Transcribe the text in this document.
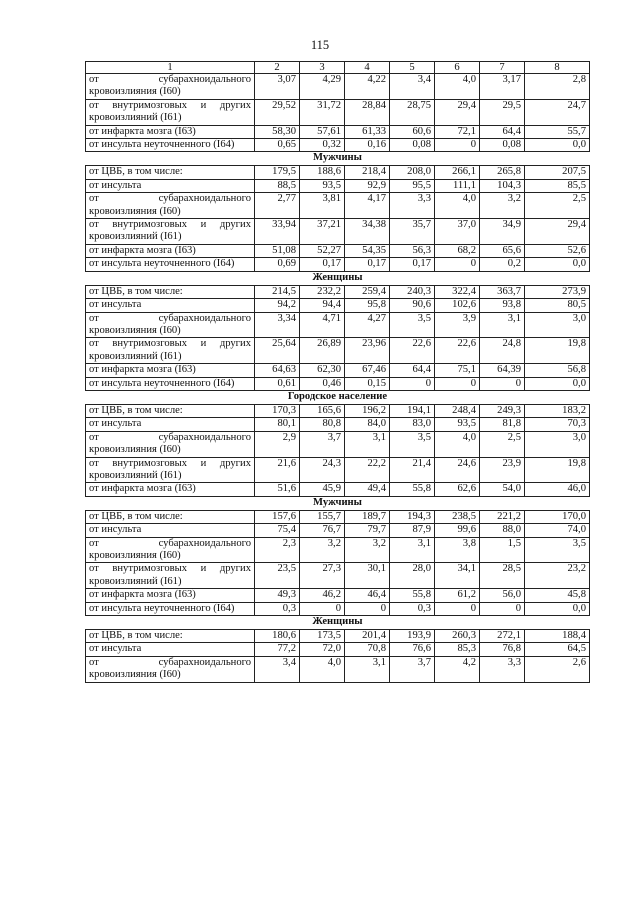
115
1	2	3	4	5	6	7	8
от субарахноидального кровоизлияния (I60)	3,07	4,29	4,22	3,4	4,0	3,17	2,8
от внутримозговых и других кровоизлияний (I61)	29,52	31,72	28,84	28,75	29,4	29,5	24,7
от инфаркта мозга (I63)	58,30	57,61	61,33	60,6	72,1	64,4	55,7
от инсульта неуточненного (I64)	0,65	0,32	0,16	0,08	0	0,08	0,0
Мужчины							
от ЦВБ, в том числе:	179,5	188,6	218,4	208,0	266,1	265,8	207,5
от инсульта	88,5	93,5	92,9	95,5	111,1	104,3	85,5
от субарахноидального кровоизлияния (I60)	2,77	3,81	4,17	3,3	4,0	3,2	2,5
от внутримозговых и других кровоизлияний (I61)	33,94	37,21	34,38	35,7	37,0	34,9	29,4
от инфаркта мозга (I63)	51,08	52,27	54,35	56,3	68,2	65,6	52,6
от инсульта неуточненного (I64)	0,69	0,17	0,17	0,17	0	0,2	0,0
Женщины							
от ЦВБ, в том числе:	214,5	232,2	259,4	240,3	322,4	363,7	273,9
от инсульта	94,2	94,4	95,8	90,6	102,6	93,8	80,5
от субарахноидального кровоизлияния (I60)	3,34	4,71	4,27	3,5	3,9	3,1	3,0
от внутримозговых и других кровоизлияний (I61)	25,64	26,89	23,96	22,6	22,6	24,8	19,8
от инфаркта мозга (I63)	64,63	62,30	67,46	64,4	75,1	64,39	56,8
от инсульта неуточненного (I64)	0,61	0,46	0,15	0	0	0	0,0
Городское население							
от ЦВБ, в том числе:	170,3	165,6	196,2	194,1	248,4	249,3	183,2
от инсульта	80,1	80,8	84,0	83,0	93,5	81,8	70,3
от субарахноидального кровоизлияния (I60)	2,9	3,7	3,1	3,5	4,0	2,5	3,0
от внутримозговых и других кровоизлияний (I61)	21,6	24,3	22,2	21,4	24,6	23,9	19,8
от инфаркта мозга (I63)	51,6	45,9	49,4	55,8	62,6	54,0	46,0
Мужчины							
от ЦВБ, в том числе:	157,6	155,7	189,7	194,3	238,5	221,2	170,0
от инсульта	75,4	76,7	79,7	87,9	99,6	88,0	74,0
от субарахноидального кровоизлияния (I60)	2,3	3,2	3,2	3,1	3,8	1,5	3,5
от внутримозговых и других кровоизлияний (I61)	23,5	27,3	30,1	28,0	34,1	28,5	23,2
от инфаркта мозга (I63)	49,3	46,2	46,4	55,8	61,2	56,0	45,8
от инсульта неуточненного (I64)	0,3	0	0	0,3	0	0	0,0
Женщины							
от ЦВБ, в том числе:	180,6	173,5	201,4	193,9	260,3	272,1	188,4
от инсульта	77,2	72,0	70,8	76,6	85,3	76,8	64,5
от субарахноидального кровоизлияния (I60)	3,4	4,0	3,1	3,7	4,2	3,3	2,6
